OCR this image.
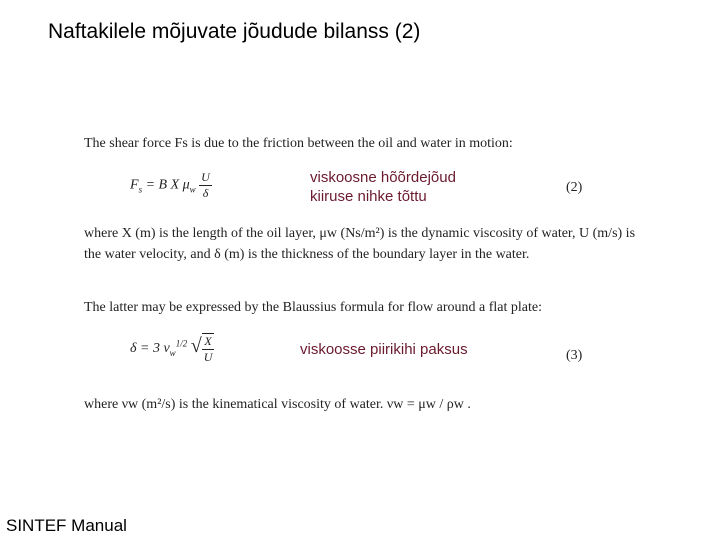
Naftakilele mõjuvate jõudude bilanss (2)
The shear force Fs is due to the friction between the oil and water in motion:
$F_s = B$ X $\mu_w \frac{U}{\delta}$	(2)
viskoosne hõõrdejõud
kiiruse nihke tõttu
where X (m) is the length of the oil layer, μw (Ns/m²) is the dynamic viscosity of water, U (m/s) is
the water velocity, and δ (m) is the thickness of the boundary layer in the water.
The latter may be expressed by the Blaussius formula for flow around a flat plate:
δ = 3 $\nu_w^{1/2}$ √ $\frac{X}{U}$	(3)
viskoosse piirikihi paksus
where νw (m²/s) is the kinematical viscosity of water. νw = μw / ρw .
SINTEF Manual
